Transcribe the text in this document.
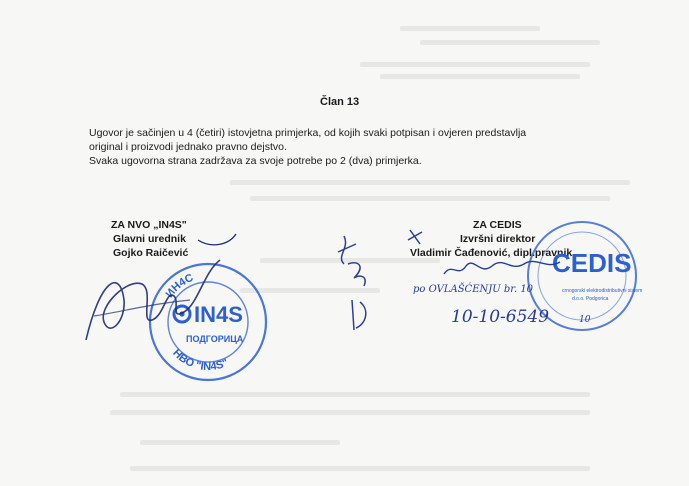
Član 13

Ugovor je sačinjen u 4 (četiri) istovjetna primjerka, od kojih svaki potpisan i ovjeren predstavlja

original i proizvodi jednako pravno dejstvo.

Svaka ugovorna strana zadržava za svoje potrebe po 2 (dva) primjerka.

ZA NVO „IN4S"
Glavni urednik
Gojko Raičević
ZA CEDIS
Izvršni direktor
Vladimir Čađenović, dipl.pravnik
ИН4С
НВО "IN4S"
IN4S
ПОДГОРИЦА
CEDIS
crnogorski elektrodistributivni sistem
d.o.o. Podgorica
po OVLAŠĆENJU br. 10
10-10-6549	10
